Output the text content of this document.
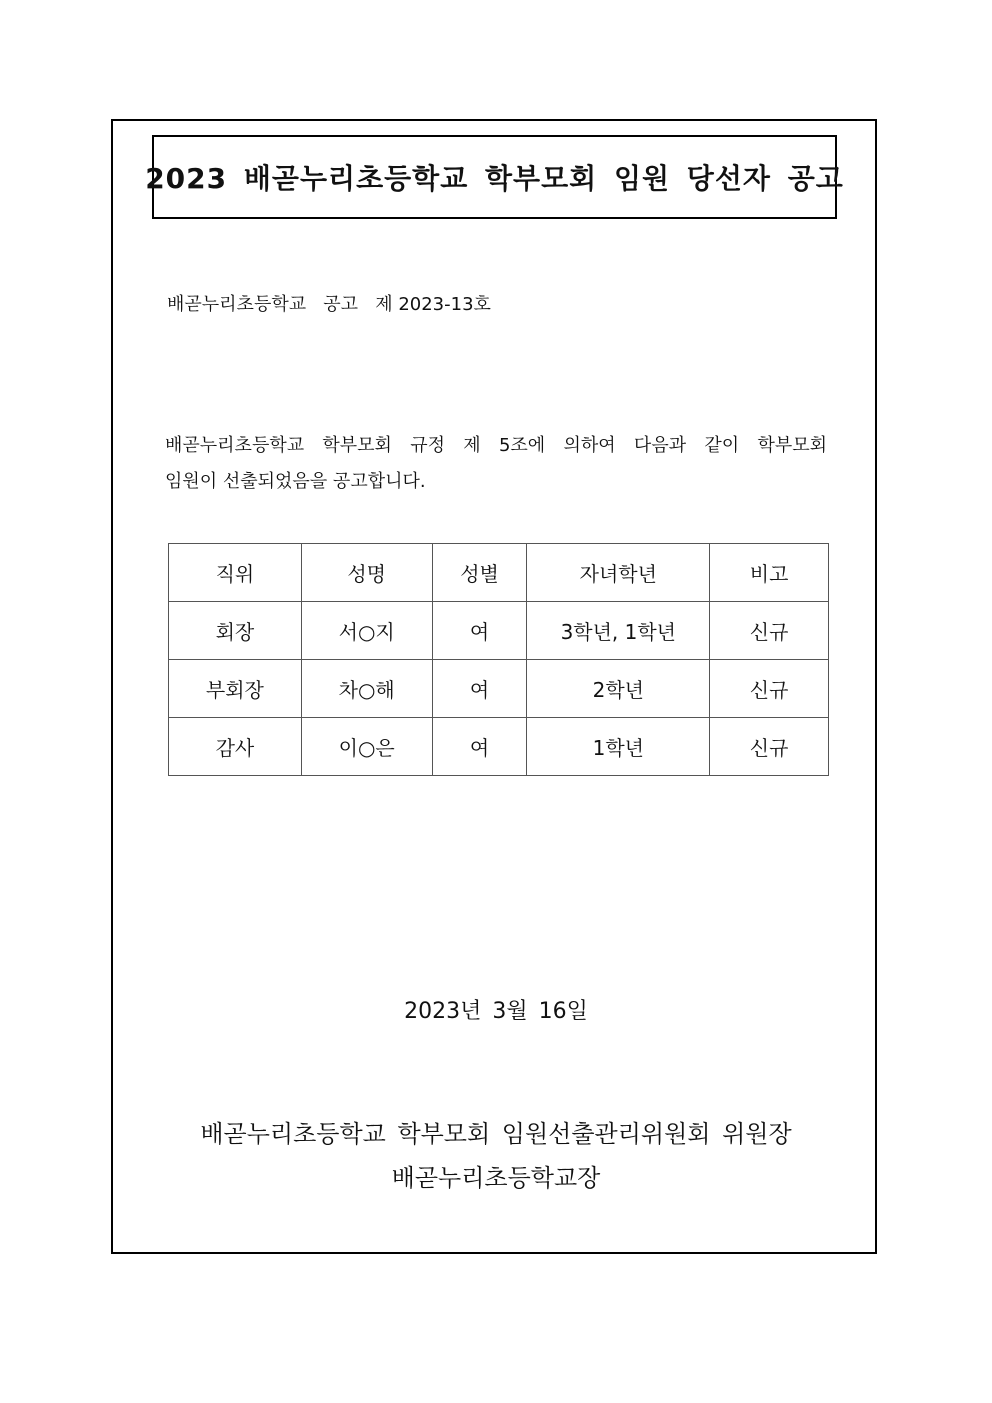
2023 배곧누리초등학교 학부모회 임원 당선자 공고
배곧누리초등학교   공고   제 2023-13호
배곧누리초등학교 학부모회 규정 제 5조에 의하여 다음과 같이 학부모회
임원이 선출되었음을 공고합니다.
직위	성명	성별	자녀학년	비고
회장	서○지	여	3학년, 1학년	신규
부회장	차○해	여	2학년	신규
감사	이○은	여	1학년	신규
2023년 3월 16일
배곧누리초등학교 학부모회 임원선출관리위원회 위원장
배곧누리초등학교장
